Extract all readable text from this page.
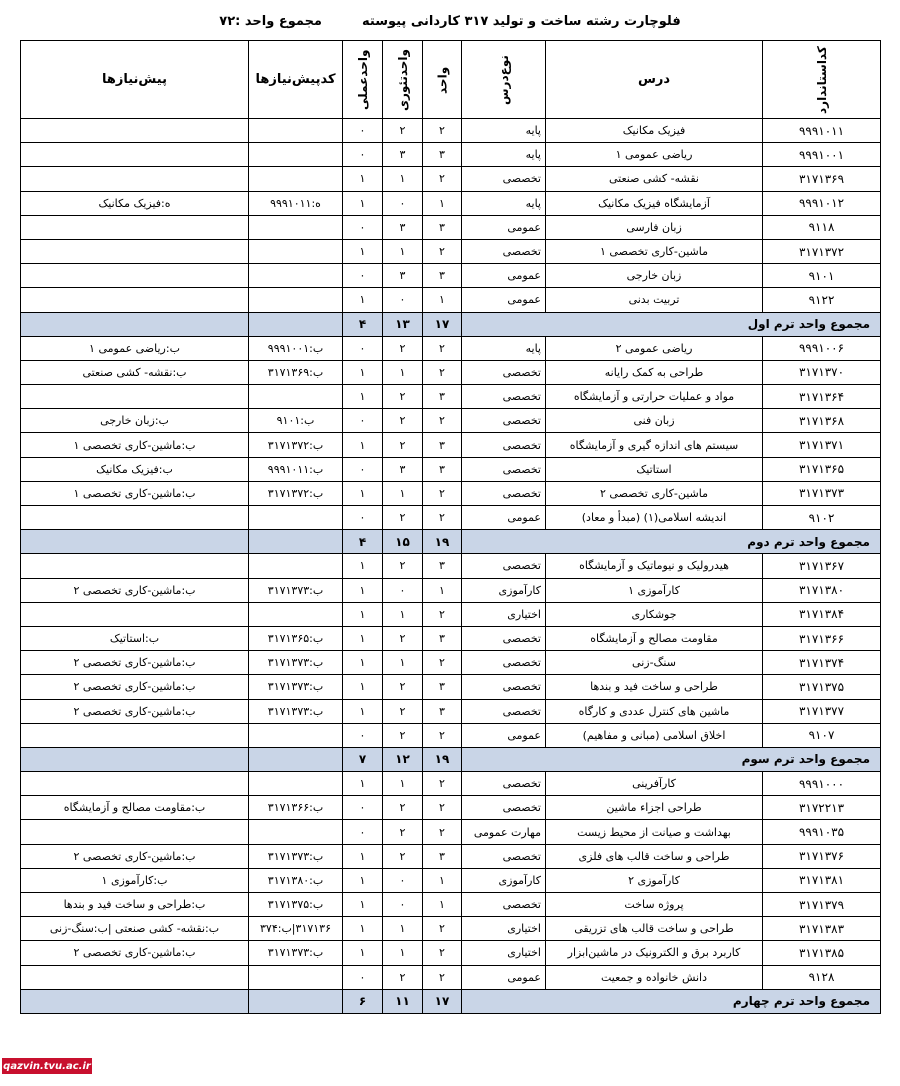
فلوچارت رشته ساخت و تولید ۳۱۷ کاردانی پیوسته
مجموع واحد :۷۲
کداستاندارد	درس	نوع‌درس	واحد	واحدتئوری	واحدعملی	کدپیش‌نیازها	پیش‌نیازها
۹۹۹۱۰۱۱	فیزیک مکانیک	پایه	۲	۲	۰		
۹۹۹۱۰۰۱	ریاضی عمومی ۱	پایه	۳	۳	۰		
۳۱۷۱۳۶۹	نقشه- کشی صنعتی	تخصصی	۲	۱	۱		
۹۹۹۱۰۱۲	آزمایشگاه فیزیک مکانیک	پایه	۱	۰	۱	ه:۹۹۹۱۰۱۱	ه:فیزیک مکانیک
۹۱۱۸	زبان فارسی	عمومی	۳	۳	۰		
۳۱۷۱۳۷۲	ماشین-کاری تخصصی ۱	تخصصی	۲	۱	۱		
۹۱۰۱	زبان خارجی	عمومی	۳	۳	۰		
۹۱۲۲	تربیت بدنی	عمومی	۱	۰	۱		
مجموع واحد ترم اول			۱۷	۱۳	۴		
۹۹۹۱۰۰۶	ریاضی عمومی ۲	پایه	۲	۲	۰	ب:۹۹۹۱۰۰۱	ب:ریاضی عمومی ۱
۳۱۷۱۳۷۰	طراحی به کمک رایانه	تخصصی	۲	۱	۱	ب:۳۱۷۱۳۶۹	ب:نقشه- کشی صنعتی
۳۱۷۱۳۶۴	مواد و عملیات حرارتی و آزمایشگاه	تخصصی	۳	۲	۱		
۳۱۷۱۳۶۸	زبان فنی	تخصصی	۲	۲	۰	ب:۹۱۰۱	ب:زبان خارجی
۳۱۷۱۳۷۱	سیستم های اندازه گیری و آزمایشگاه	تخصصی	۳	۲	۱	ب:۳۱۷۱۳۷۲	ب:ماشین-کاری تخصصی ۱
۳۱۷۱۳۶۵	استاتیک	تخصصی	۳	۳	۰	ب:۹۹۹۱۰۱۱	ب:فیزیک مکانیک
۳۱۷۱۳۷۳	ماشین-کاری تخصصی ۲	تخصصی	۲	۱	۱	ب:۳۱۷۱۳۷۲	ب:ماشین-کاری تخصصی ۱
۹۱۰۲	اندیشه اسلامی(۱) (مبدأ و معاد)	عمومی	۲	۲	۰		
مجموع واحد ترم دوم			۱۹	۱۵	۴		
۳۱۷۱۳۶۷	هیدرولیک و نیوماتیک و آزمایشگاه	تخصصی	۳	۲	۱		
۳۱۷۱۳۸۰	کارآموزی ۱	کارآموزی	۱	۰	۱	ب:۳۱۷۱۳۷۳	ب:ماشین-کاری تخصصی ۲
۳۱۷۱۳۸۴	جوشکاری	اختیاری	۲	۱	۱		
۳۱۷۱۳۶۶	مقاومت مصالح و آزمایشگاه	تخصصی	۳	۲	۱	ب:۳۱۷۱۳۶۵	ب:استاتیک
۳۱۷۱۳۷۴	سنگ-زنی	تخصصی	۲	۱	۱	ب:۳۱۷۱۳۷۳	ب:ماشین-کاری تخصصی ۲
۳۱۷۱۳۷۵	طراحی و ساخت فید و بندها	تخصصی	۳	۲	۱	ب:۳۱۷۱۳۷۳	ب:ماشین-کاری تخصصی ۲
۳۱۷۱۳۷۷	ماشین های کنترل عددی و کارگاه	تخصصی	۳	۲	۱	ب:۳۱۷۱۳۷۳	ب:ماشین-کاری تخصصی ۲
۹۱۰۷	اخلاق اسلامی (مبانی و مفاهیم)	عمومی	۲	۲	۰		
مجموع واحد ترم سوم			۱۹	۱۲	۷		
۹۹۹۱۰۰۰	کارآفرینی	تخصصی	۲	۱	۱		
۳۱۷۲۲۱۳	طراحی اجزاء ماشین	تخصصی	۲	۲	۰	ب:۳۱۷۱۳۶۶	ب:مقاومت مصالح و آزمایشگاه
۹۹۹۱۰۳۵	بهداشت و صیانت از محیط زیست	مهارت عمومی	۲	۲	۰		
۳۱۷۱۳۷۶	طراحی و ساخت قالب های فلزی	تخصصی	۳	۲	۱	ب:۳۱۷۱۳۷۳	ب:ماشین-کاری تخصصی ۲
۳۱۷۱۳۸۱	کارآموزی ۲	کارآموزی	۱	۰	۱	ب:۳۱۷۱۳۸۰	ب:کارآموزی ۱
۳۱۷۱۳۷۹	پروژه ساخت	تخصصی	۱	۰	۱	ب:۳۱۷۱۳۷۵	ب:طراحی و ساخت فید و بندها
۳۱۷۱۳۸۳	طراحی و ساخت قالب های تزریقی	اختیاری	۲	۱	۱	۳۱۷۱۳۶|ب:۳۷۴	ب:نقشه- کشی صنعتی |ب:سنگ-زنی
۳۱۷۱۳۸۵	کاربرد برق و الکترونیک در ماشین‌ابزار	اختیاری	۲	۱	۱	ب:۳۱۷۱۳۷۳	ب:ماشین-کاری تخصصی ۲
۹۱۲۸	دانش خانواده و جمعیت	عمومی	۲	۲	۰		
مجموع واحد ترم چهارم			۱۷	۱۱	۶		
qazvin.tvu.ac.ir
